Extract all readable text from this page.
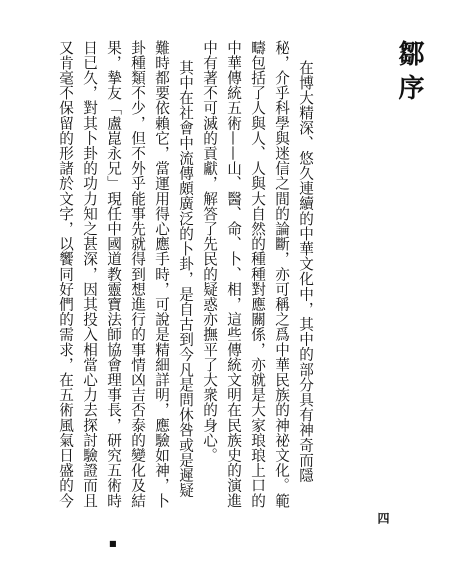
鄒序
在博大精深、悠久連續的中華文化中，其中的部分具有神奇而隱
秘，介乎科學與迷信之間的論斷，亦可稱之爲中華民族的神祕文化。範
疇包括了人與人、人與大自然的種種對應關係，亦就是大家琅琅上口的
中華傳統五術——山、醫、命、卜、相，這些傳統文明在民族史的演進
中有著不可滅的貢獻，解答了先民的疑惑亦撫平了大衆的身心。
其中在社會中流傳頗廣泛的卜卦，是自古到今凡是問休咎或是遲疑
難時都要依賴它，當運用得心應手時，可說是精細詳明，應驗如神，卜
卦種類不少，但不外乎能事先就得到想進行的事情凶吉否泰的變化及結
果，摯友「盧崑永兄」現任中國道教靈寶法師協會理事長，研究五術時
日已久，對其卜卦的功力知之甚深，因其投入相當心力去探討驗證而且
又肯毫不保留的形諸於文字，以饗同好們的需求，在五術風氣日盛的今
四
■
